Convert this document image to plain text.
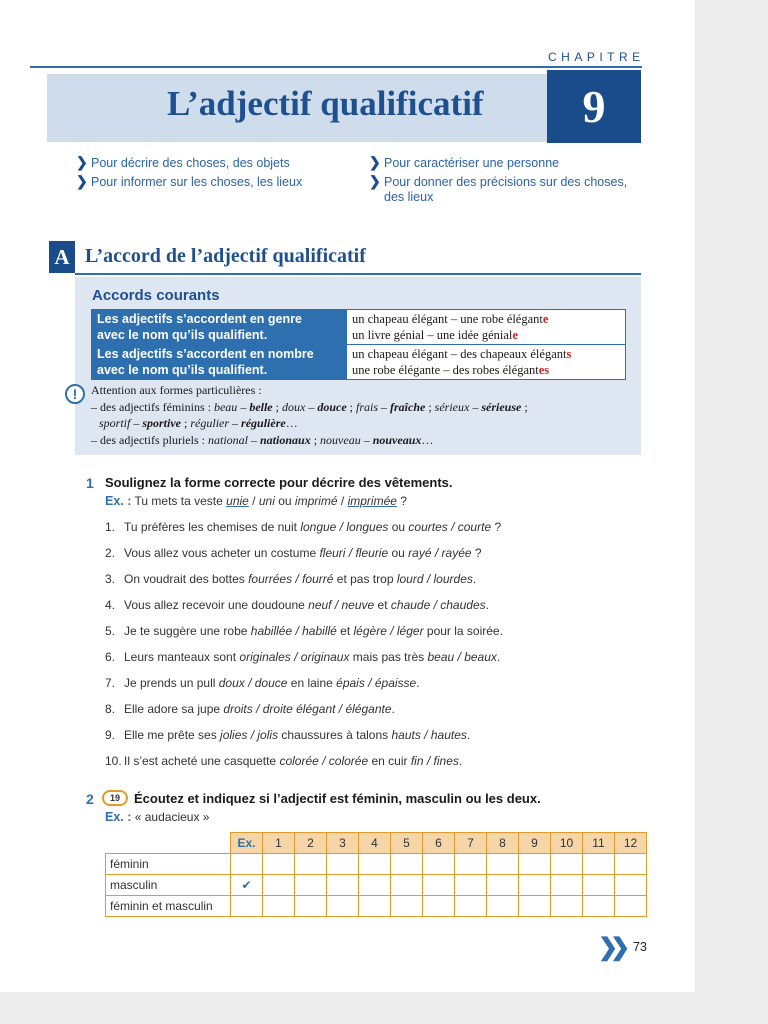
CHAPITRE
L’adjectif qualificatif	9
❯ Pour décrire des choses, des objets
❯ Pour informer sur les choses, les lieux
❯ Pour caractériser une personne
❯ Pour donner des précisions sur des choses,
des lieux
A L’accord de l’adjectif qualificatif
Accords courants
Les adjectifs s’accordent en genre
avec le nom qu’ils qualifient.	un chapeau élégant – une robe élégante
un livre génial – une idée géniale
Les adjectifs s’accordent en nombre
avec le nom qu’ils qualifient.	un chapeau élégant – des chapeaux élégants
une robe élégante – des robes élégantes
!	Attention aux formes particulières :
– des adjectifs féminins : beau – belle ; doux – douce ; frais – fraîche ; sérieux – sérieuse ;
sportif – sportive ; régulier – régulière…
– des adjectifs pluriels : national – nationaux ; nouveau – nouveaux…
1 Soulignez la forme correcte pour décrire des vêtements.
Ex. : Tu mets ta veste unie / uni ou imprimé / imprimée ?
1. Tu préfères les chemises de nuit longue / longues ou courtes / courte ?
2. Vous allez vous acheter un costume fleuri / fleurie ou rayé / rayée ?
3. On voudrait des bottes fourrées / fourré et pas trop lourd / lourdes.
4. Vous allez recevoir une doudoune neuf / neuve et chaude / chaudes.
5. Je te suggère une robe habillée / habillé et légère / léger pour la soirée.
6. Leurs manteaux sont originales / originaux mais pas très beau / beaux.
7. Je prends un pull doux / douce en laine épais / épaisse.
8. Elle adore sa jupe droits / droite élégant / élégante.
9. Elle me prête ses jolies / jolis chaussures à talons hauts / hautes.
10. Il s’est acheté une casquette colorée / colorée en cuir fin / fines.
2	19	Écoutez et indiquez si l’adjectif est féminin, masculin ou les deux.
Ex. : « audacieux »
	Ex.	1	2	3	4	5	6	7	8	9	10	11	12
féminin													
masculin	✔												
féminin et masculin													
❯❯ 73
